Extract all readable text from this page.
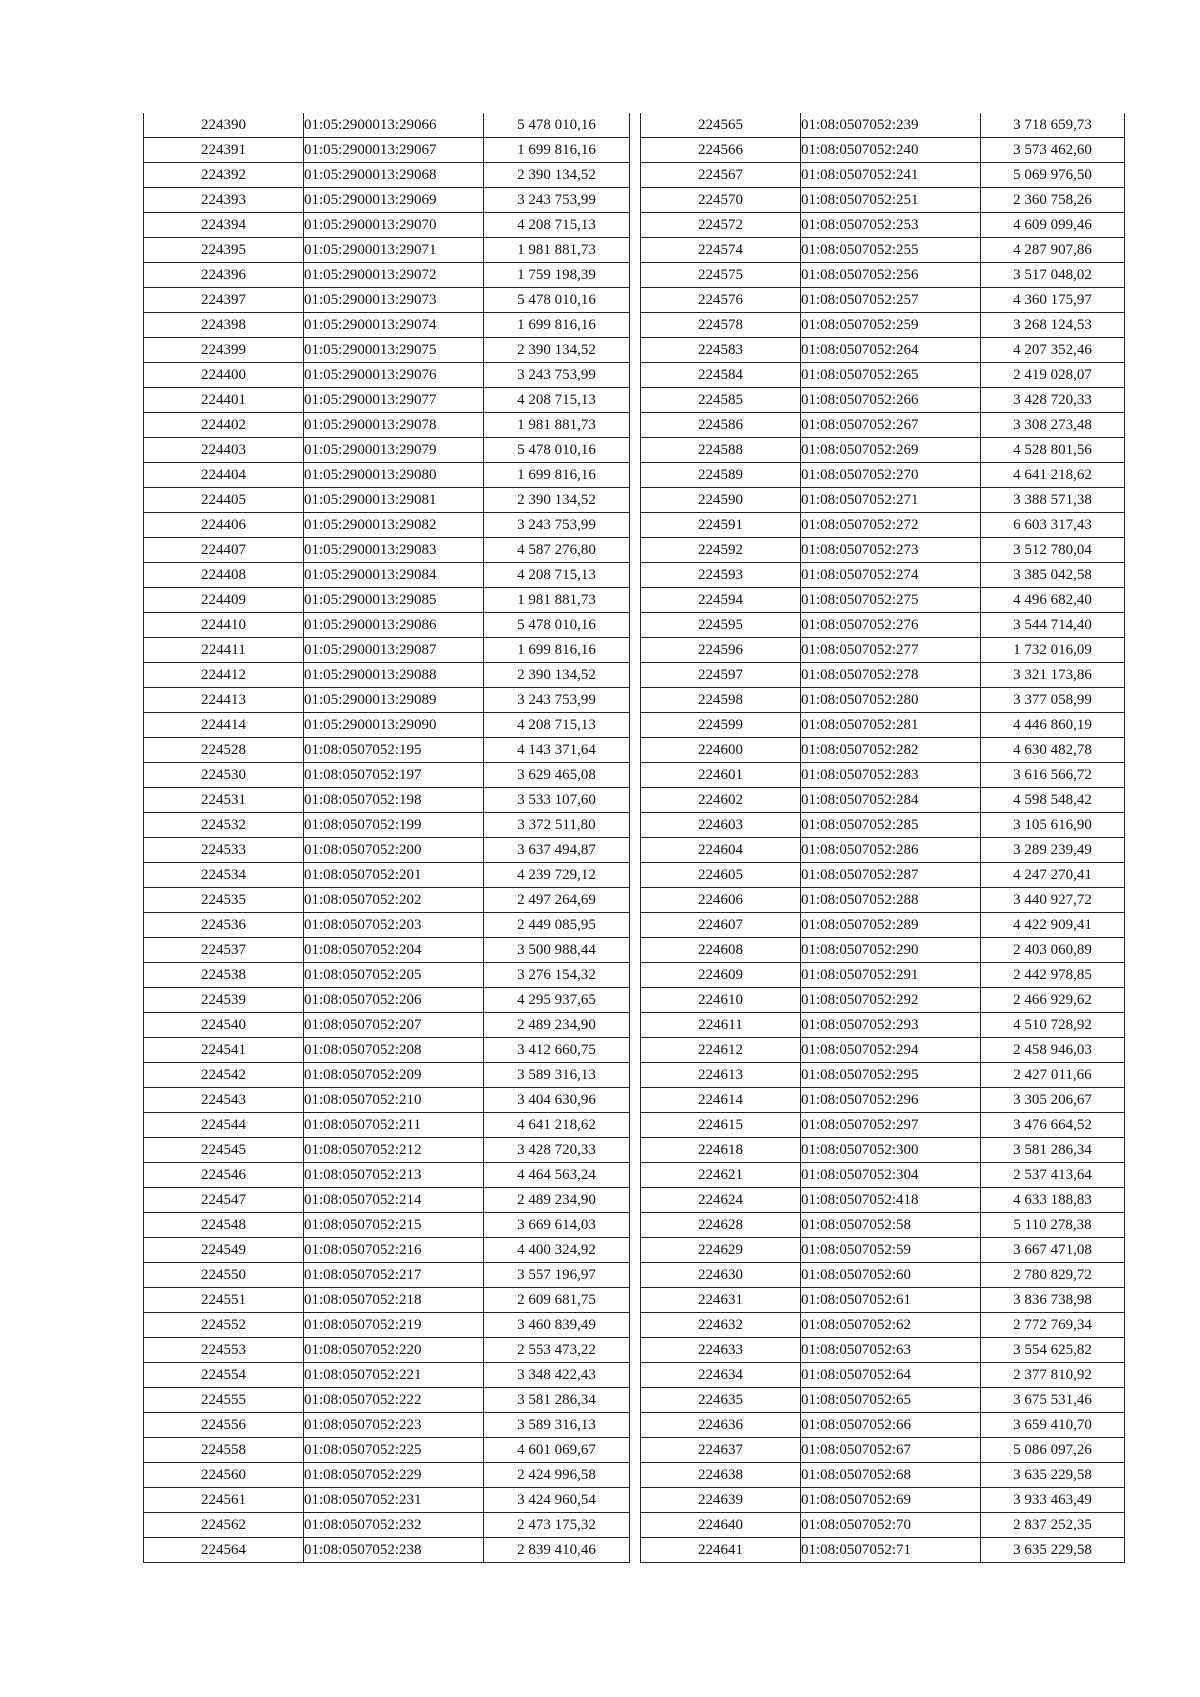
224390	01:05:2900013:29066	5 478 010,16
224391	01:05:2900013:29067	1 699 816,16
224392	01:05:2900013:29068	2 390 134,52
224393	01:05:2900013:29069	3 243 753,99
224394	01:05:2900013:29070	4 208 715,13
224395	01:05:2900013:29071	1 981 881,73
224396	01:05:2900013:29072	1 759 198,39
224397	01:05:2900013:29073	5 478 010,16
224398	01:05:2900013:29074	1 699 816,16
224399	01:05:2900013:29075	2 390 134,52
224400	01:05:2900013:29076	3 243 753,99
224401	01:05:2900013:29077	4 208 715,13
224402	01:05:2900013:29078	1 981 881,73
224403	01:05:2900013:29079	5 478 010,16
224404	01:05:2900013:29080	1 699 816,16
224405	01:05:2900013:29081	2 390 134,52
224406	01:05:2900013:29082	3 243 753,99
224407	01:05:2900013:29083	4 587 276,80
224408	01:05:2900013:29084	4 208 715,13
224409	01:05:2900013:29085	1 981 881,73
224410	01:05:2900013:29086	5 478 010,16
224411	01:05:2900013:29087	1 699 816,16
224412	01:05:2900013:29088	2 390 134,52
224413	01:05:2900013:29089	3 243 753,99
224414	01:05:2900013:29090	4 208 715,13
224528	01:08:0507052:195	4 143 371,64
224530	01:08:0507052:197	3 629 465,08
224531	01:08:0507052:198	3 533 107,60
224532	01:08:0507052:199	3 372 511,80
224533	01:08:0507052:200	3 637 494,87
224534	01:08:0507052:201	4 239 729,12
224535	01:08:0507052:202	2 497 264,69
224536	01:08:0507052:203	2 449 085,95
224537	01:08:0507052:204	3 500 988,44
224538	01:08:0507052:205	3 276 154,32
224539	01:08:0507052:206	4 295 937,65
224540	01:08:0507052:207	2 489 234,90
224541	01:08:0507052:208	3 412 660,75
224542	01:08:0507052:209	3 589 316,13
224543	01:08:0507052:210	3 404 630,96
224544	01:08:0507052:211	4 641 218,62
224545	01:08:0507052:212	3 428 720,33
224546	01:08:0507052:213	4 464 563,24
224547	01:08:0507052:214	2 489 234,90
224548	01:08:0507052:215	3 669 614,03
224549	01:08:0507052:216	4 400 324,92
224550	01:08:0507052:217	3 557 196,97
224551	01:08:0507052:218	2 609 681,75
224552	01:08:0507052:219	3 460 839,49
224553	01:08:0507052:220	2 553 473,22
224554	01:08:0507052:221	3 348 422,43
224555	01:08:0507052:222	3 581 286,34
224556	01:08:0507052:223	3 589 316,13
224558	01:08:0507052:225	4 601 069,67
224560	01:08:0507052:229	2 424 996,58
224561	01:08:0507052:231	3 424 960,54
224562	01:08:0507052:232	2 473 175,32
224564	01:08:0507052:238	2 839 410,46
224565	01:08:0507052:239	3 718 659,73
224566	01:08:0507052:240	3 573 462,60
224567	01:08:0507052:241	5 069 976,50
224570	01:08:0507052:251	2 360 758,26
224572	01:08:0507052:253	4 609 099,46
224574	01:08:0507052:255	4 287 907,86
224575	01:08:0507052:256	3 517 048,02
224576	01:08:0507052:257	4 360 175,97
224578	01:08:0507052:259	3 268 124,53
224583	01:08:0507052:264	4 207 352,46
224584	01:08:0507052:265	2 419 028,07
224585	01:08:0507052:266	3 428 720,33
224586	01:08:0507052:267	3 308 273,48
224588	01:08:0507052:269	4 528 801,56
224589	01:08:0507052:270	4 641 218,62
224590	01:08:0507052:271	3 388 571,38
224591	01:08:0507052:272	6 603 317,43
224592	01:08:0507052:273	3 512 780,04
224593	01:08:0507052:274	3 385 042,58
224594	01:08:0507052:275	4 496 682,40
224595	01:08:0507052:276	3 544 714,40
224596	01:08:0507052:277	1 732 016,09
224597	01:08:0507052:278	3 321 173,86
224598	01:08:0507052:280	3 377 058,99
224599	01:08:0507052:281	4 446 860,19
224600	01:08:0507052:282	4 630 482,78
224601	01:08:0507052:283	3 616 566,72
224602	01:08:0507052:284	4 598 548,42
224603	01:08:0507052:285	3 105 616,90
224604	01:08:0507052:286	3 289 239,49
224605	01:08:0507052:287	4 247 270,41
224606	01:08:0507052:288	3 440 927,72
224607	01:08:0507052:289	4 422 909,41
224608	01:08:0507052:290	2 403 060,89
224609	01:08:0507052:291	2 442 978,85
224610	01:08:0507052:292	2 466 929,62
224611	01:08:0507052:293	4 510 728,92
224612	01:08:0507052:294	2 458 946,03
224613	01:08:0507052:295	2 427 011,66
224614	01:08:0507052:296	3 305 206,67
224615	01:08:0507052:297	3 476 664,52
224618	01:08:0507052:300	3 581 286,34
224621	01:08:0507052:304	2 537 413,64
224624	01:08:0507052:418	4 633 188,83
224628	01:08:0507052:58	5 110 278,38
224629	01:08:0507052:59	3 667 471,08
224630	01:08:0507052:60	2 780 829,72
224631	01:08:0507052:61	3 836 738,98
224632	01:08:0507052:62	2 772 769,34
224633	01:08:0507052:63	3 554 625,82
224634	01:08:0507052:64	2 377 810,92
224635	01:08:0507052:65	3 675 531,46
224636	01:08:0507052:66	3 659 410,70
224637	01:08:0507052:67	5 086 097,26
224638	01:08:0507052:68	3 635 229,58
224639	01:08:0507052:69	3 933 463,49
224640	01:08:0507052:70	2 837 252,35
224641	01:08:0507052:71	3 635 229,58
